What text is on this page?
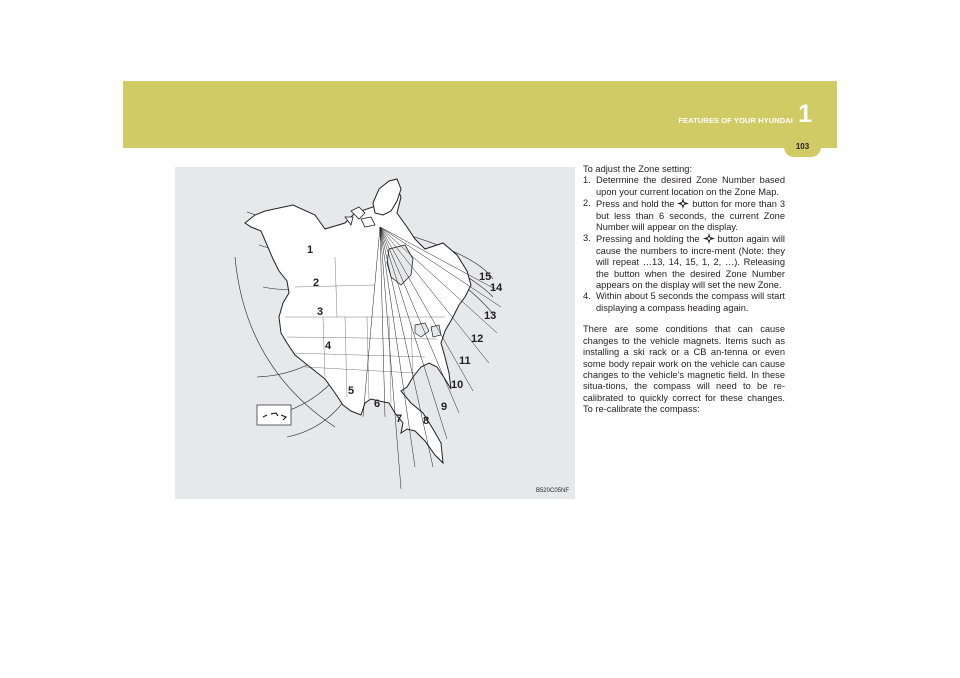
FEATURES OF YOUR HYUNDAI 1
103
1
2
3
4
5
6
7 8
9
10
11
12
13
14
15
B520C05NF

To adjust the Zone setting:

1. Determine the desired Zone Number based upon your current location on the Zone Map.
2. Press and hold the button for more than 3 but less than 6 seconds, the current Zone Number will appear on the display.
3. Pressing and holding the button again will cause the numbers to incre-ment (Note: they will repeat …13, 14, 15, 1, 2, …). Releasing the button when the desired Zone Number appears on the display will set the new Zone.
4. Within about 5 seconds the compass will start displaying a compass heading again.

There are some conditions that can cause changes to the vehicle magnets. Items such as installing a ski rack or a CB an-tenna or even some body repair work on the vehicle can cause changes to the vehicle's magnetic field. In these situa-tions, the compass will need to be re-calibrated to quickly correct for these changes. To re-calibrate the compass:
